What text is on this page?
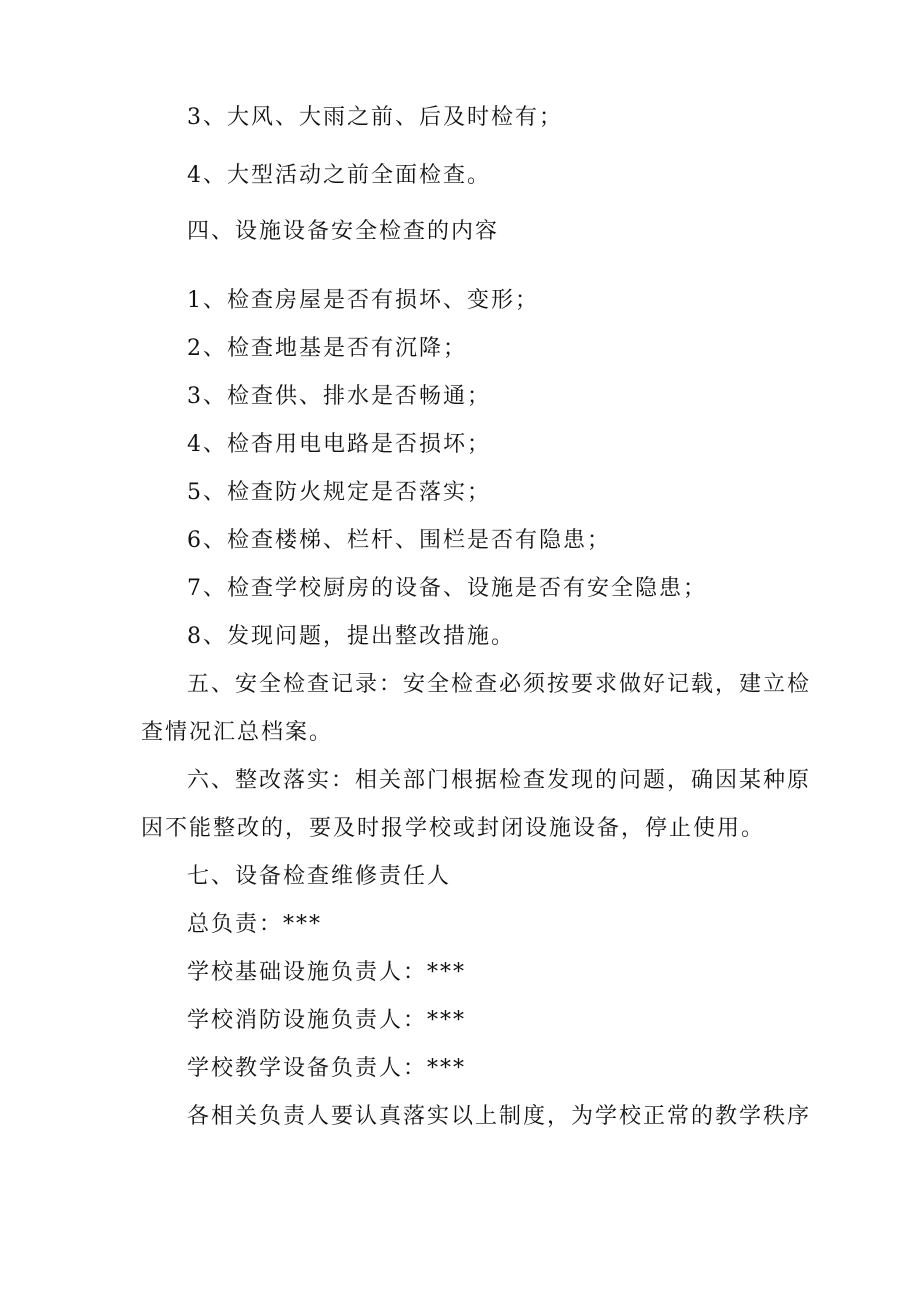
3、大风、大雨之前、后及时检有；
4、大型活动之前全面检查。
四、设施设备安全检查的内容
1、检查房屋是否有损坏、变形；
2、检查地基是否有沉降；
3、检查供、排水是否畅通；
4、检杳用电电路是否损坏；
5、检查防火规定是否落实；
6、检查楼梯、栏杆、围栏是否有隐患；
7、检查学校厨房的设备、设施是否有安全隐患；
8、发现问题，提出整改措施。
五、安全检查记录：安全检查必须按要求做好记载，建立检
查情况汇总档案。
六、整改落实：相关部门根据检查发现的问题，确因某种原
因不能整改的，要及时报学校或封闭设施设备，停止使用。
七、设备检查维修责任人
总负责：***
学校基础设施负责人：***
学校消防设施负责人：***
学校教学设备负责人：***
各相关负责人要认真落实以上制度，为学校正常的教学秩序
